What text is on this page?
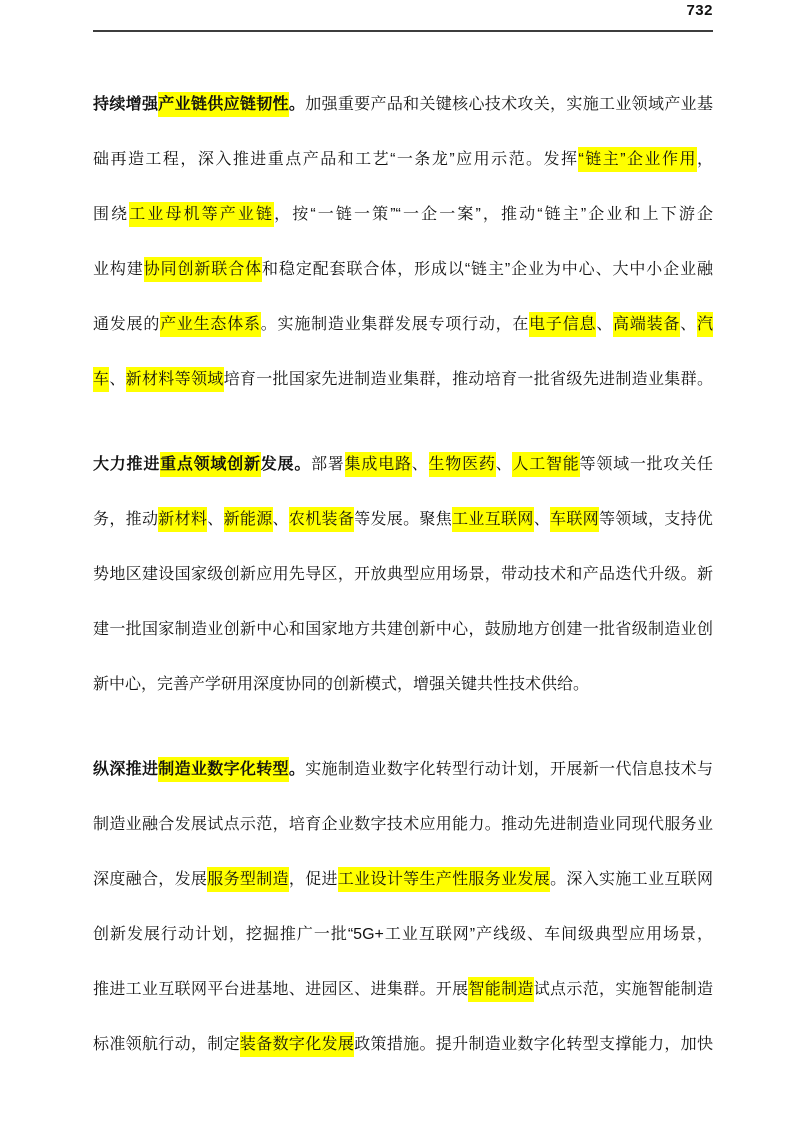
732
持续增强产业链供应链韧性。加强重要产品和关键核心技术攻关，实施工业领域产业基
础再造工程，深入推进重点产品和工艺“一条龙”应用示范。发挥“链主”企业作用，
围绕工业母机等产业链，按“一链一策”“一企一案”，推动“链主”企业和上下游企
业构建协同创新联合体和稳定配套联合体，形成以“链主”企业为中心、大中小企业融
通发展的产业生态体系。实施制造业集群发展专项行动，在电子信息、高端装备、汽
车、新材料等领域培育一批国家先进制造业集群，推动培育一批省级先进制造业集群。
大力推进重点领域创新发展。部署集成电路、生物医药、人工智能等领域一批攻关任
务，推动新材料、新能源、农机装备等发展。聚焦工业互联网、车联网等领域，支持优
势地区建设国家级创新应用先导区，开放典型应用场景，带动技术和产品迭代升级。新
建一批国家制造业创新中心和国家地方共建创新中心，鼓励地方创建一批省级制造业创
新中心，完善产学研用深度协同的创新模式，增强关键共性技术供给。
纵深推进制造业数字化转型。实施制造业数字化转型行动计划，开展新一代信息技术与
制造业融合发展试点示范，培育企业数字技术应用能力。推动先进制造业同现代服务业
深度融合，发展服务型制造，促进工业设计等生产性服务业发展。深入实施工业互联网
创新发展行动计划，挖掘推广一批“5G+工业互联网”产线级、车间级典型应用场景，
推进工业互联网平台进基地、进园区、进集群。开展智能制造试点示范，实施智能制造
标准领航行动，制定装备数字化发展政策措施。提升制造业数字化转型支撑能力，加快
